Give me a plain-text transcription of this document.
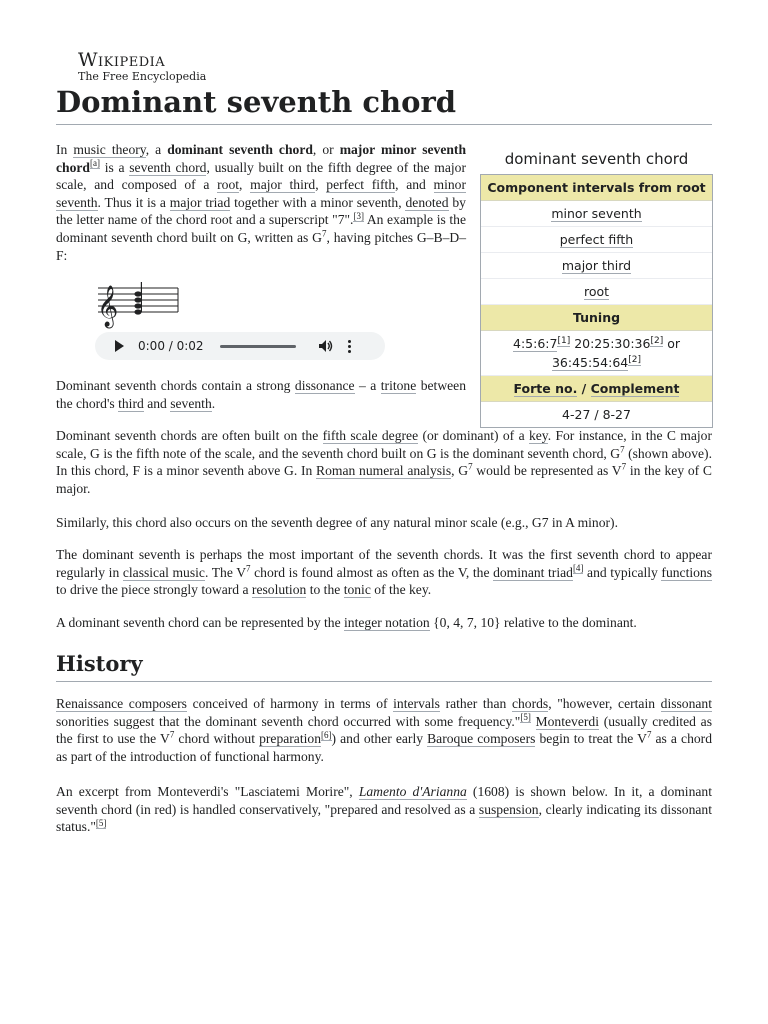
Wikipedia
The Free Encyclopedia
Dominant seventh chord

In music theory, a dominant seventh chord, or major minor seventh chord[a] is a seventh chord, usually built on the fifth degree of the major scale, and composed of a root, major third, perfect fifth, and minor seventh. Thus it is a major triad together with a minor seventh, denoted by the letter name of the chord root and a superscript "7".[3] An example is the dominant seventh chord built on G, written as $G^7$, having pitches G–B–D–F:

𝄞
0:00 / 0:02

Dominant seventh chords contain a strong dissonance – a tritone between the chord's third and seventh.

dominant seventh chord
Component intervals from root
minor seventh
perfect fifth
major third
root
Tuning
4:5:6:7[1] 20:25:30:36[2] or
36:45:54:64[2]
Forte no. / Complement
4-27 / 8-27

Dominant seventh chords are often built on the fifth scale degree (or dominant) of a key. For instance, in the C major scale, G is the fifth note of the scale, and the seventh chord built on G is the dominant seventh chord, $G^7$ (shown above). In this chord, F is a minor seventh above G. In Roman numeral analysis, $G^7$ would be represented as $V^7$ in the key of C major.

Similarly, this chord also occurs on the seventh degree of any natural minor scale (e.g., G7 in A minor).

The dominant seventh is perhaps the most important of the seventh chords. It was the first seventh chord to appear regularly in classical music. The $V^7$ chord is found almost as often as the V, the dominant triad[4] and typically functions to drive the piece strongly toward a resolution to the tonic of the key.

A dominant seventh chord can be represented by the integer notation {0, 4, 7, 10} relative to the dominant.

History

Renaissance composers conceived of harmony in terms of intervals rather than chords, "however, certain dissonant sonorities suggest that the dominant seventh chord occurred with some frequency."[5] Monteverdi (usually credited as the first to use the $V^7$ chord without preparation[6]) and other early Baroque composers begin to treat the $V^7$ as a chord as part of the introduction of functional harmony.

An excerpt from Monteverdi's "Lasciatemi Morire", Lamento d'Arianna (1608) is shown below. In it, a dominant seventh chord (in red) is handled conservatively, "prepared and resolved as a suspension, clearly indicating its dissonant status."[5]
